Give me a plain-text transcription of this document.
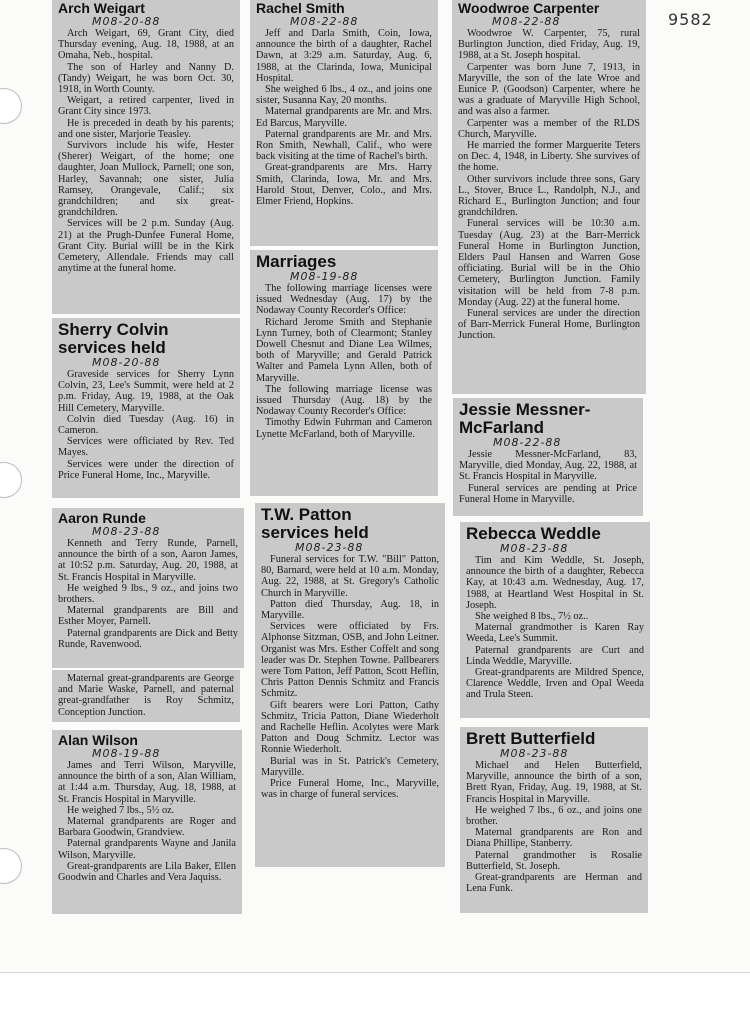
9582
Arch Weigart
M08-20-88

Arch Weigart, 69, Grant City, died Thursday evening, Aug. 18, 1988, at an Omaha, Neb., hospital.

The son of Harley and Nanny D. (Tandy) Weigart, he was born Oct. 30, 1918, in Worth County.

Weigart, a retired carpenter, lived in Grant City since 1973.

He is preceded in death by his parents; and one sister, Marjorie Teasley.

Survivors include his wife, Hester (Sherer) Weigart, of the home; one daughter, Joan Mullock, Parnell; one son, Harley, Savannah; one sister, Julia Ramsey, Orangevale, Calif.; six grandchildren; and six great-grandchildren.

Services will be 2 p.m. Sunday (Aug. 21) at the Prugh-Dunfee Funeral Home, Grant City. Burial willl be in the Kirk Cemetery, Allendale. Friends may call anytime at the funeral home.

Sherry Colvin
services held
M08-20-88

Graveside services for Sherry Lynn Colvin, 23, Lee's Summit, were held at 2 p.m. Friday, Aug. 19, 1988, at the Oak Hill Cemetery, Maryville.

Colvin died Tuesday (Aug. 16) in Cameron.

Services were officiated by Rev. Ted Mayes.

Services were under the direction of Price Funeral Home, Inc., Maryville.

Aaron Runde
M08-23-88

Kenneth and Terry Runde, Parnell, announce the birth of a son, Aaron James, at 10:52 p.m. Saturday, Aug. 20, 1988, at St. Francis Hospital in Maryville.

He weighed 9 lbs., 9 oz., and joins two brothers.

Maternal grandparents are Bill and Esther Moyer, Parnell.

Paternal grandparents are Dick and Betty Runde, Ravenwood.

Maternal great-grandparents are George and Marie Waske, Parnell, and paternal great-grandfather is Roy Schmitz, Conception Junction.

Alan Wilson
M08-19-88

James and Terri Wilson, Maryville, announce the birth of a son, Alan William, at 1:44 a.m. Thursday, Aug. 18, 1988, at St. Francis Hospital in Maryville.

He weighed 7 lbs., 5½ oz.

Maternal grandparents are Roger and Barbara Goodwin, Grandview.

Paternal grandparents Wayne and Janila Wilson, Maryville.

Great-grandparents are Lila Baker, Ellen Goodwin and Charles and Vera Jaquiss.

Rachel Smith
M08-22-88

Jeff and Darla Smith, Coin, Iowa, announce the birth of a daughter, Rachel Dawn, at 3:29 a.m. Saturday, Aug. 6, 1988, at the Clarinda, Iowa, Municipal Hospital.

She weighed 6 lbs., 4 oz., and joins one sister, Susanna Kay, 20 months.

Maternal grandparents are Mr. and Mrs. Ed Barcus, Maryville.

Paternal grandparents are Mr. and Mrs. Ron Smith, Newhall, Calif., who were back visiting at the time of Rachel's birth.

Great-grandparents are Mrs. Harry Smith, Clarinda, Iowa, Mr. and Mrs. Harold Stout, Denver, Colo., and Mrs. Elmer Friend, Hopkins.

Marriages
M08-19-88

The following marriage licenses were issued Wednesday (Aug. 17) by the Nodaway County Recorder's Office:

Richard Jerome Smith and Stephanie Lynn Turney, both of Clearmont; Stanley Dowell Chesnut and Diane Lea Wilmes, both of Maryville; and Gerald Patrick Walter and Pamela Lynn Allen, both of Maryville.

The following marriage license was issued Thursday (Aug. 18) by the Nodaway County Recorder's Office:

Timothy Edwin Fuhrman and Cameron Lynette McFarland, both of Maryville.

T.W. Patton
services held
M08-23-88

Funeral services for T.W. "Bill" Patton, 80, Barnard, were held at 10 a.m. Monday, Aug. 22, 1988, at St. Gregory's Catholic Church in Maryville.

Patton died Thursday, Aug. 18, in Maryville.

Services were officiated by Frs. Alphonse Sitzman, OSB, and John Leitner. Organist was Mrs. Esther Coffelt and song leader was Dr. Stephen Towne. Pallbearers were Tom Patton, Jeff Patton, Scott Heflin, Chris Patton Dennis Schmitz and Francis Schmitz.

Gift bearers were Lori Patton, Cathy Schmitz, Tricia Patton, Diane Wiederholt and Rachelle Heflin. Acolytes were Mark Patton and Doug Schmitz. Lector was Ronnie Wiederholt.

Burial was in St. Patrick's Cemetery, Maryville.

Price Funeral Home, Inc., Maryville, was in charge of funeral services.

Woodwroe Carpenter
M08-22-88

Woodwroe W. Carpenter, 75, rural Burlington Junction, died Friday, Aug. 19, 1988, at a St. Joseph hospital.

Carpenter was born June 7, 1913, in Maryville, the son of the late Wroe and Eunice P. (Goodson) Carpenter, where he was a graduate of Maryville High School, and was also a farmer.

Carpenter was a member of the RLDS Church, Maryville.

He married the former Marguerite Teters on Dec. 4, 1948, in Liberty. She survives of the home.

Other survivors include three sons, Gary L., Stover, Bruce L., Randolph, N.J., and Richard E., Burlington Junction; and four grandchildren.

Funeral services will be 10:30 a.m. Tuesday (Aug. 23) at the Barr-Merrick Funeral Home in Burlington Junction, Elders Paul Hansen and Warren Gose officiating. Burial will be in the Ohio Cemetery, Burlington Junction. Family visitation will be held from 7-8 p.m. Monday (Aug. 22) at the funeral home.

Funeral services are under the direction of Barr-Merrick Funeral Home, Burlington Junction.

Jessie Messner-
McFarland
M08-22-88

Jessie Messner-McFarland, 83, Maryville, died Monday, Aug. 22, 1988, at St. Francis Hospital in Maryville.

Funeral services are pending at Price Funeral Home in Maryville.

Rebecca Weddle
M08-23-88

Tim and Kim Weddle, St. Joseph, announce the birth of a daughter, Rebecca Kay, at 10:43 a.m. Wednesday, Aug. 17, 1988, at Heartland West Hospital in St. Joseph.

She weighed 8 lbs., 7½ oz..

Maternal grandmother is Karen Ray Weeda, Lee's Summit.

Paternal grandparents are Curt and Linda Weddle, Maryville.

Great-grandparents are Mildred Spence, Clarence Weddle, Irven and Opal Weeda and Trula Steen.

Brett Butterfield
M08-23-88

Michael and Helen Butterfield, Maryville, announce the birth of a son, Brett Ryan, Friday, Aug. 19, 1988, at St. Francis Hospital in Maryville.

He weighed 7 lbs., 6 oz., and joins one brother.

Maternal grandparents are Ron and Diana Phillipe, Stanberry.

Paternal grandmother is Rosalie Butterfield, St. Joseph.

Great-grandparents are Herman and Lena Funk.
